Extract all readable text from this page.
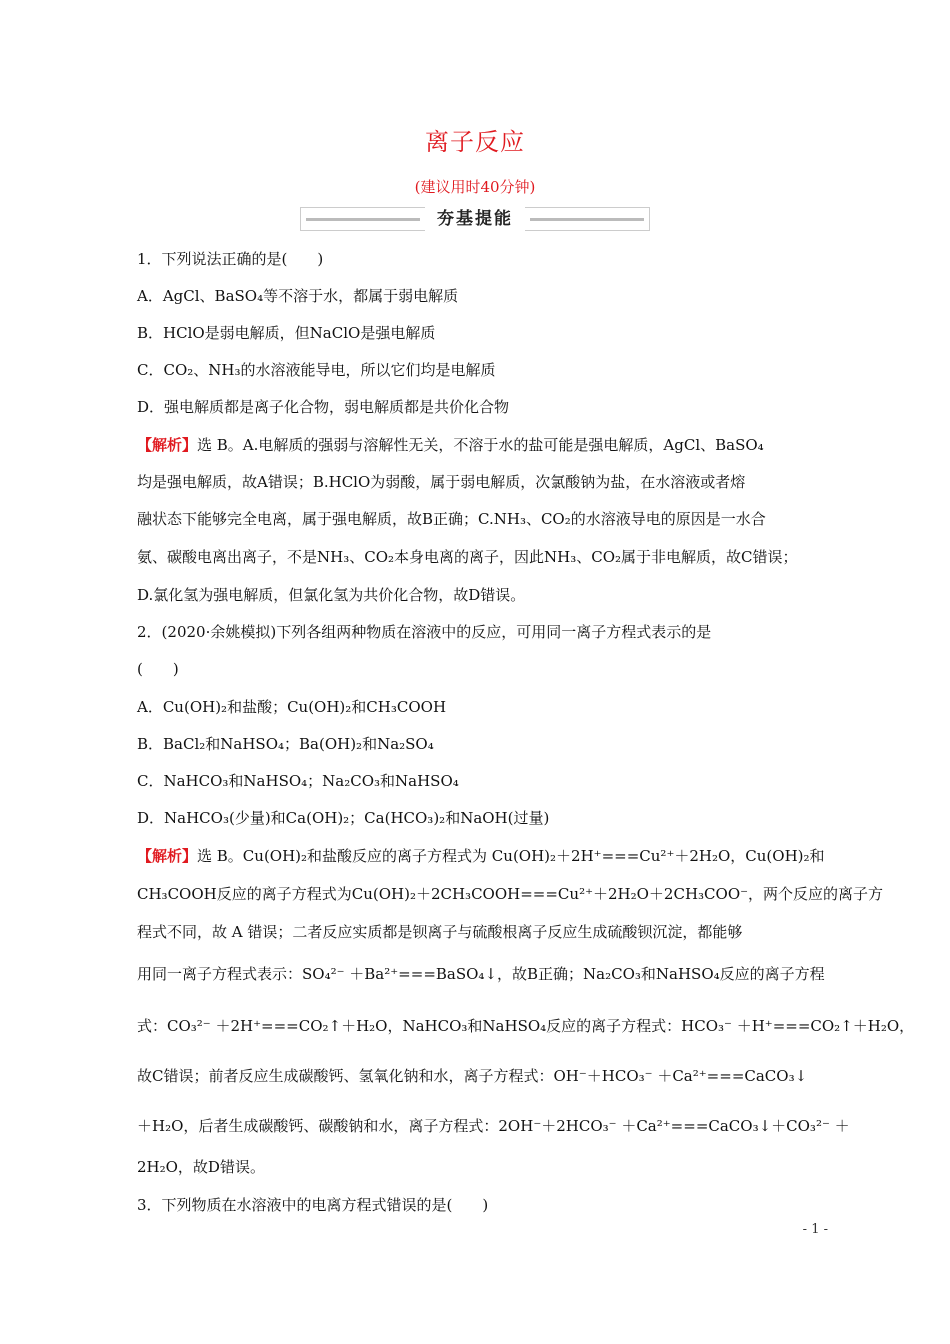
离子反应
(建议用时40分钟)
夯基提能
1．下列说法正确的是(　　)
A．AgCl、BaSO₄等不溶于水，都属于弱电解质
B．HClO是弱电解质，但NaClO是强电解质
C．CO₂、NH₃的水溶液能导电，所以它们均是电解质
D．强电解质都是离子化合物，弱电解质都是共价化合物
【解析】选 B。A.电解质的强弱与溶解性无关，不溶于水的盐可能是强电解质，AgCl、BaSO₄
均是强电解质，故A错误；B.HClO为弱酸，属于弱电解质，次氯酸钠为盐，在水溶液或者熔
融状态下能够完全电离，属于强电解质，故B正确；C.NH₃、CO₂的水溶液导电的原因是一水合
氨、碳酸电离出离子，不是NH₃、CO₂本身电离的离子，因此NH₃、CO₂属于非电解质，故C错误；
D.氯化氢为强电解质，但氯化氢为共价化合物，故D错误。
2．(2020·余姚模拟)下列各组两种物质在溶液中的反应，可用同一离子方程式表示的是
(　　)
A．Cu(OH)₂和盐酸；Cu(OH)₂和CH₃COOH
B．BaCl₂和NaHSO₄；Ba(OH)₂和Na₂SO₄
C．NaHCO₃和NaHSO₄；Na₂CO₃和NaHSO₄
D．NaHCO₃(少量)和Ca(OH)₂；Ca(HCO₃)₂和NaOH(过量)
【解析】选 B。Cu(OH)₂和盐酸反应的离子方程式为 Cu(OH)₂＋2H⁺===Cu²⁺＋2H₂O，Cu(OH)₂和
CH₃COOH反应的离子方程式为Cu(OH)₂＋2CH₃COOH===Cu²⁺＋2H₂O＋2CH₃COO⁻，两个反应的离子方
程式不同，故 A 错误；二者反应实质都是钡离子与硫酸根离子反应生成硫酸钡沉淀，都能够
用同一离子方程式表示：SO₄²⁻ ＋Ba²⁺===BaSO₄↓，故B正确；Na₂CO₃和NaHSO₄反应的离子方程
式：CO₃²⁻ ＋2H⁺===CO₂↑＋H₂O，NaHCO₃和NaHSO₄反应的离子方程式：HCO₃⁻ ＋H⁺===CO₂↑＋H₂O，
故C错误；前者反应生成碳酸钙、氢氧化钠和水，离子方程式：OH⁻＋HCO₃⁻ ＋Ca²⁺===CaCO₃↓
＋H₂O，后者生成碳酸钙、碳酸钠和水，离子方程式：2OH⁻＋2HCO₃⁻ ＋Ca²⁺===CaCO₃↓＋CO₃²⁻ ＋
2H₂O，故D错误。
3．下列物质在水溶液中的电离方程式错误的是(　　)
- 1 -
